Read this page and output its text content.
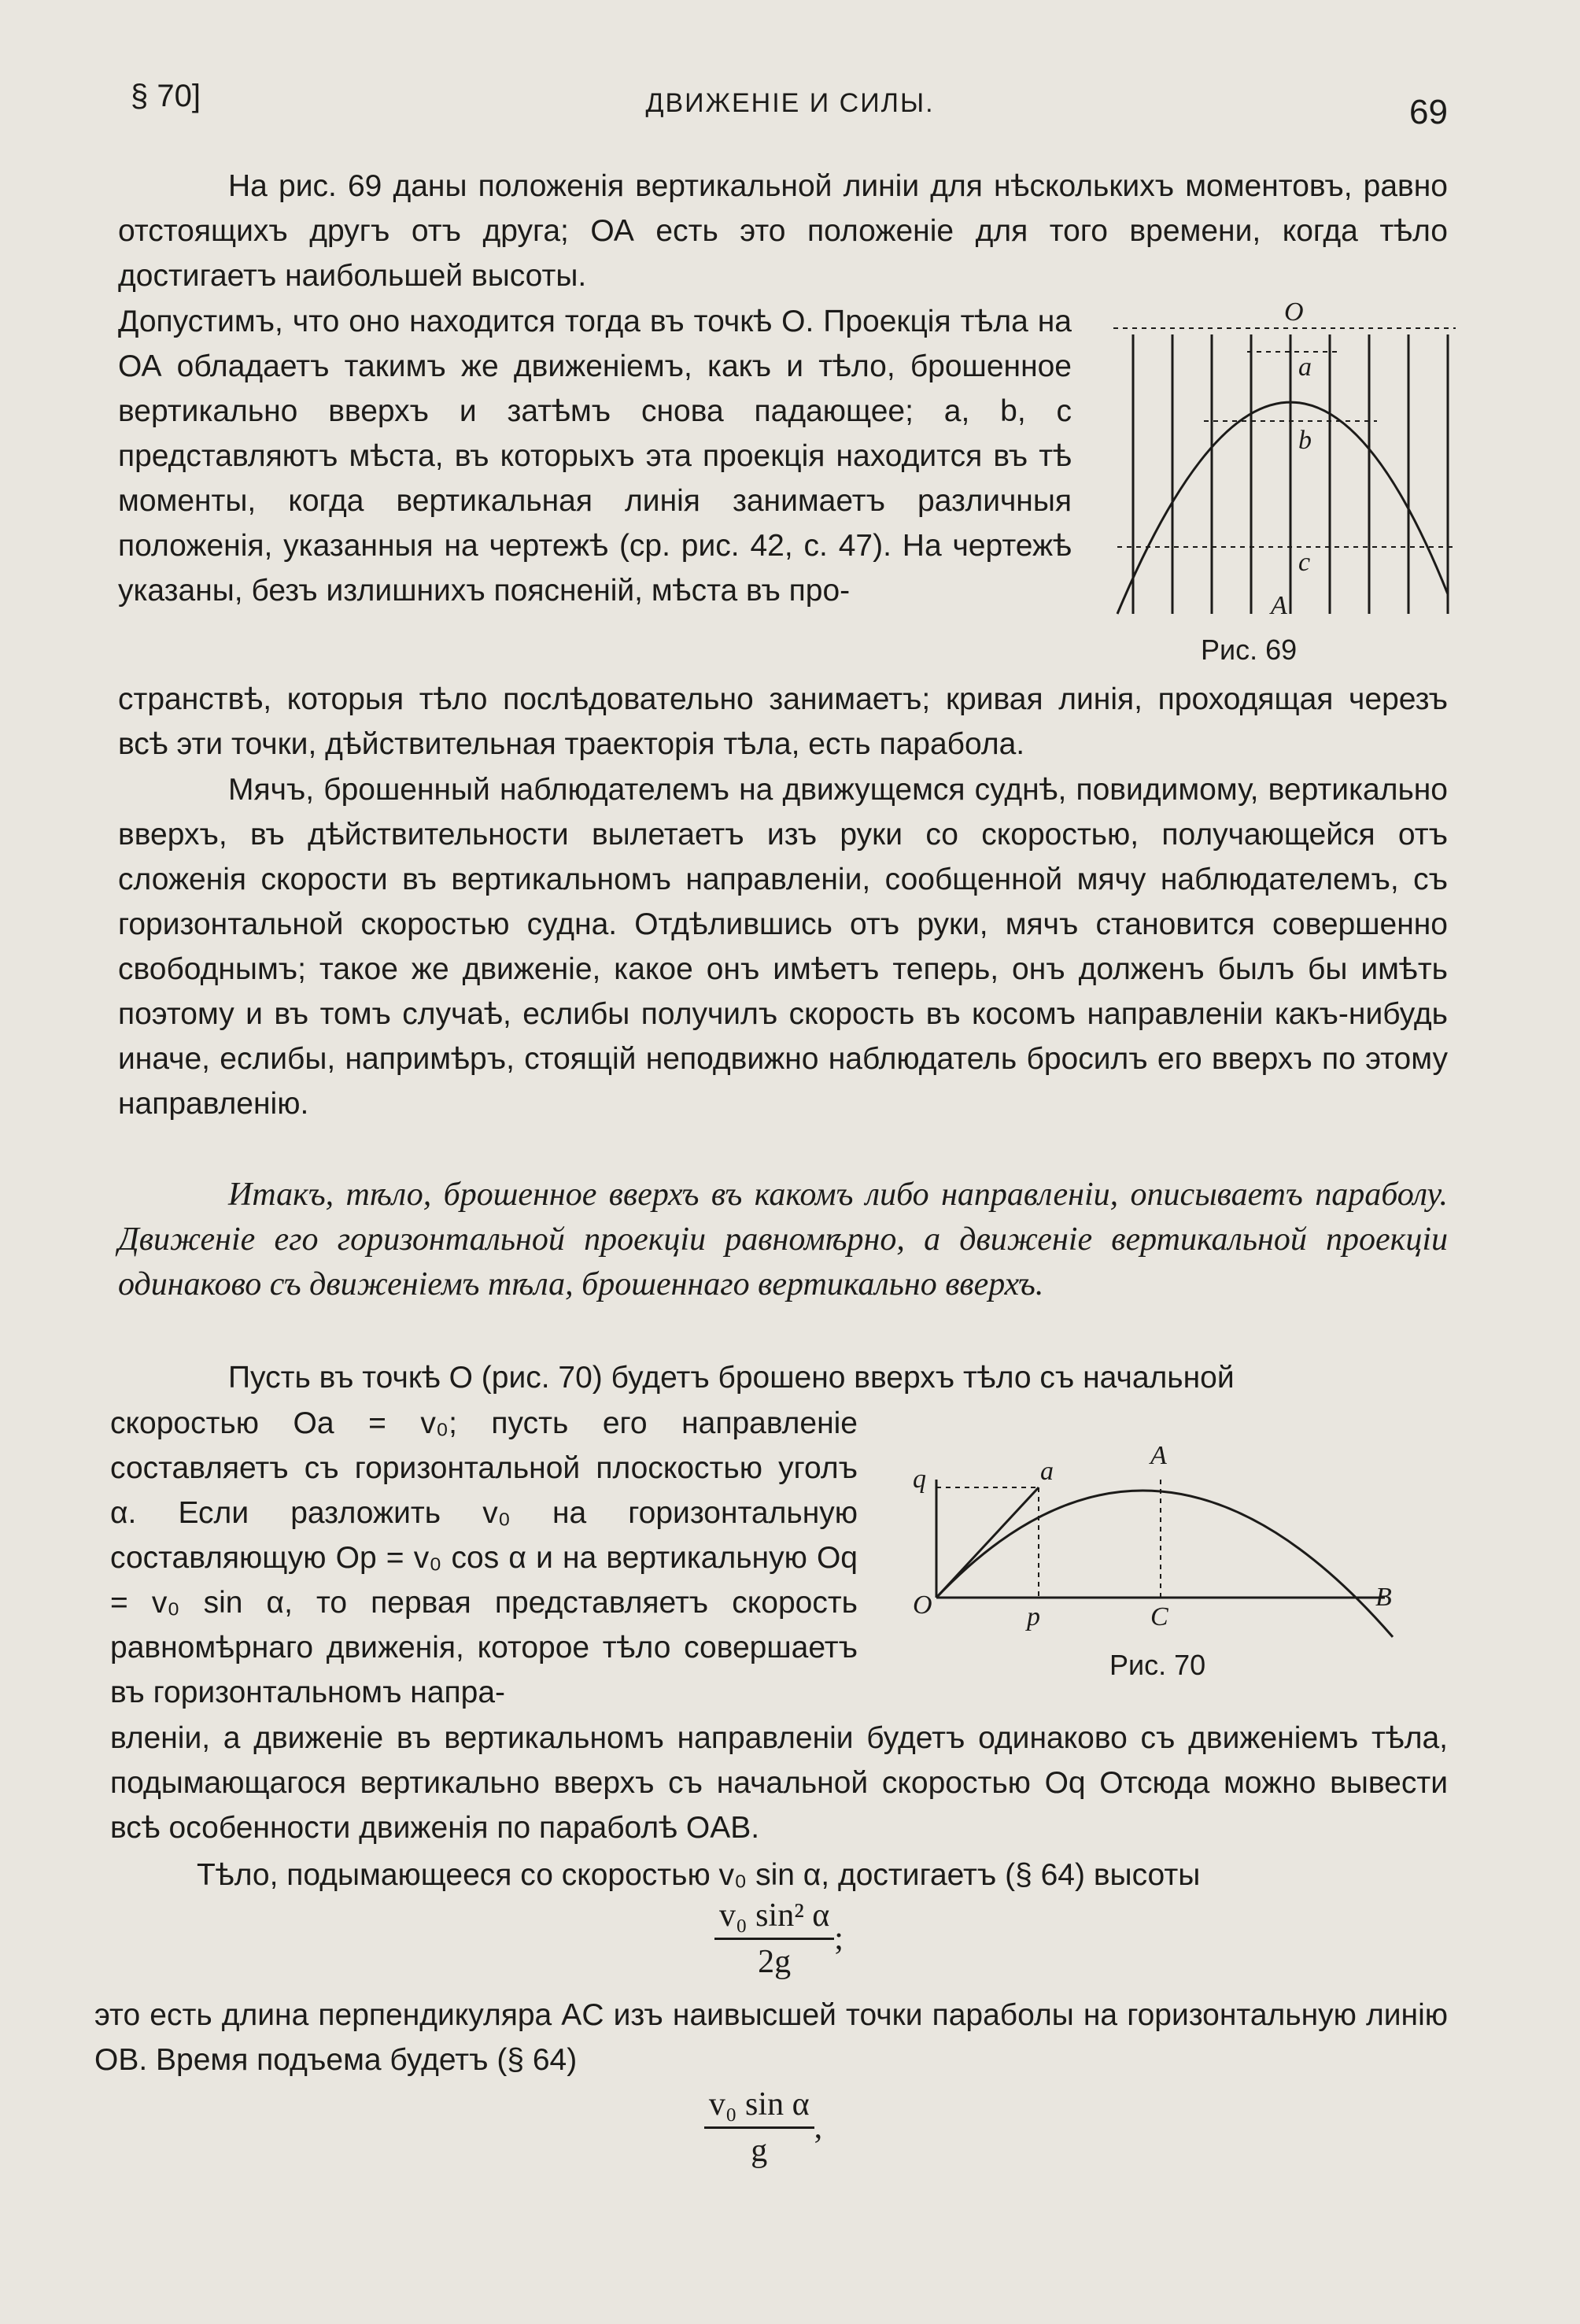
§ 70]	ДВИЖЕНІЕ И СИЛЫ.	69
На рис. 69 даны положенія вертикальной линіи для нѣсколькихъ моментовъ, равно отстоящихъ другъ отъ друга; ОА есть это положеніе для того времени, когда тѣло достигаетъ наибольшей высоты.
Допустимъ, что оно находится тогда въ точкѣ О. Проекція тѣла на ОА обладаетъ такимъ же движеніемъ, какъ и тѣло, брошенное вертикально вверхъ и затѣмъ снова падающее; a, b, c представляютъ мѣста, въ которыхъ эта проекція находится въ тѣ моменты, когда вертикальная линія занимаетъ различныя положенія, указанныя на чертежѣ (ср. рис. 42, с. 47). На чертежѣ указаны, безъ излишнихъ поясненій, мѣста въ про-
O
a
b
c
A
Рис. 69
странствѣ, которыя тѣло послѣдовательно занимаетъ; кривая линія, проходящая черезъ всѣ эти точки, дѣйствительная траекторія тѣла, есть парабола.
Мячъ, брошенный наблюдателемъ на движущемся суднѣ, повидимому, вертикально вверхъ, въ дѣйствительности вылетаетъ изъ руки со скоростью, получающейся отъ сложенія скорости въ вертикальномъ направленіи, сообщенной мячу наблюдателемъ, съ горизонтальной скоростью судна. Отдѣлившись отъ руки, мячъ становится совершенно свободнымъ; такое же движеніе, какое онъ имѣетъ теперь, онъ долженъ былъ бы имѣть поэтому и въ томъ случаѣ, еслибы получилъ скорость въ косомъ направленіи какъ-нибудь иначе, еслибы, напримѣръ, стоящій неподвижно наблюдатель бросилъ его вверхъ по этому направленію.
Итакъ, тѣло, брошенное вверхъ въ какомъ либо направленіи, описываетъ параболу. Движеніе его горизонтальной проекціи равномѣрно, а движеніе вертикальной проекціи одинаково съ движеніемъ тѣла, брошеннаго вертикально вверхъ.
Пусть въ точкѣ О (рис. 70) будетъ брошено вверхъ тѣло съ начальной
скоростью Оa = v₀; пусть его направленіе составляетъ съ горизонтальной плоскостью уголъ α. Если разложить v₀ на горизонтальную составляющую Op = v₀ cos α и на вертикальную Oq = v₀ sin α, то первая представляетъ скорость равномѣрнаго движенія, которое тѣло совершаетъ въ горизонтальномъ напра-
q	a
A
O	p	C
B
Рис. 70
вленіи, а движеніе въ вертикальномъ направленіи будетъ одинаково съ движеніемъ тѣла, подымающагося вертикально вверхъ съ начальной скоростью Oq Отсюда можно вывести всѣ особенности движенія по параболѣ OAB.
Тѣло, подымающееся со скоростью v₀ sin α, достигаетъ (§ 64) высоты
$\frac{\text{v₀ sin² α}}{2g}$ ;
это есть длина перпендикуляра AC изъ наивысшей точки параболы на горизонтальную линію OB. Время подъема будетъ (§ 64)
$\frac{\text{v₀ sin α}}{g}$ ,
